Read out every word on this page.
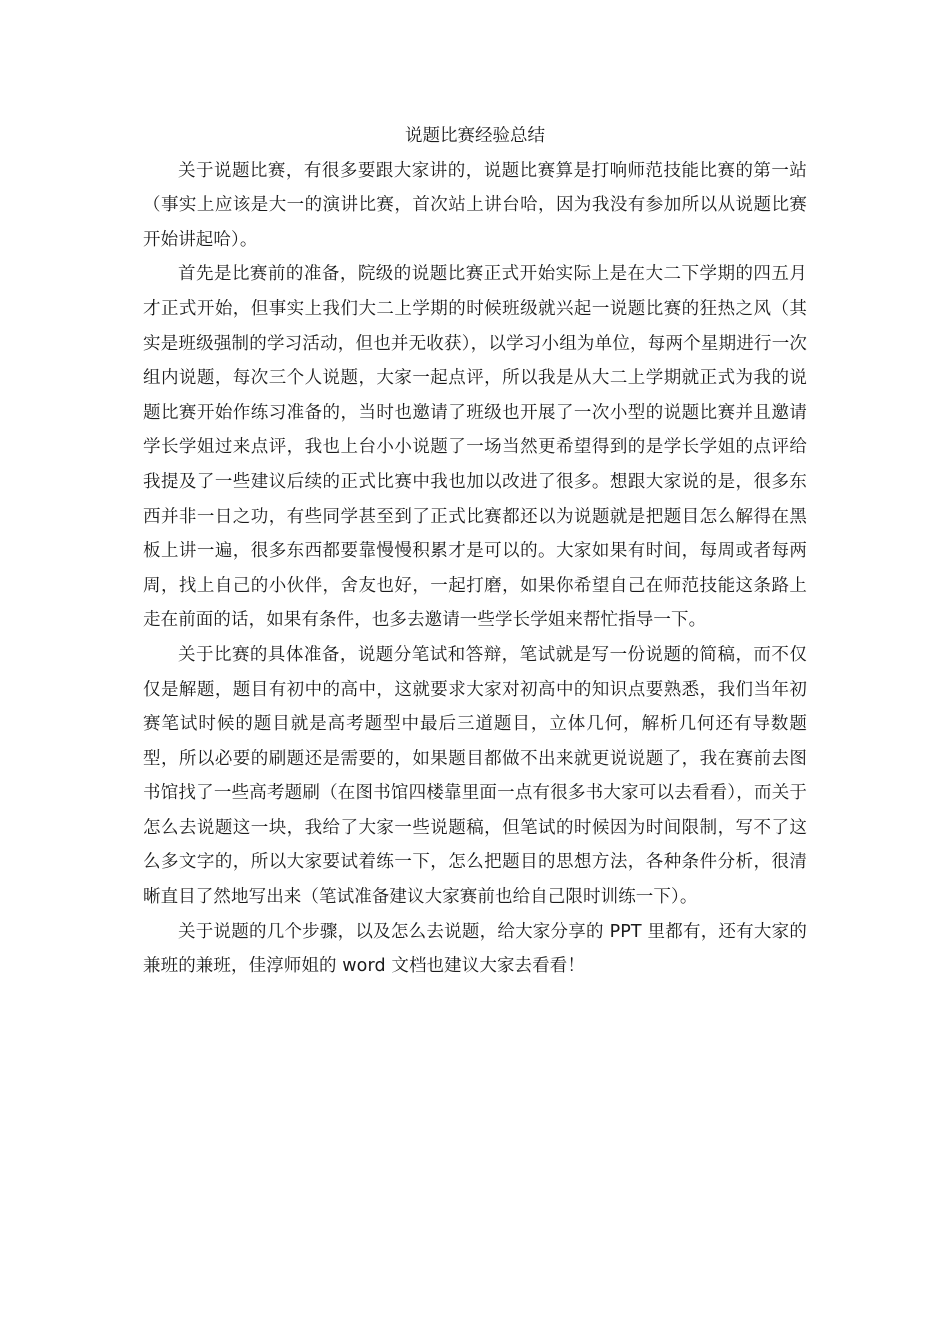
说题比赛经验总结

关于说题比赛，有很多要跟大家讲的，说题比赛算是打响师范技能比赛的第一站（事实上应该是大一的演讲比赛，首次站上讲台哈，因为我没有参加所以从说题比赛开始讲起哈）。

首先是比赛前的准备，院级的说题比赛正式开始实际上是在大二下学期的四五月才正式开始，但事实上我们大二上学期的时候班级就兴起一说题比赛的狂热之风（其实是班级强制的学习活动，但也并无收获），以学习小组为单位，每两个星期进行一次组内说题，每次三个人说题，大家一起点评，所以我是从大二上学期就正式为我的说题比赛开始作练习准备的，当时也邀请了班级也开展了一次小型的说题比赛并且邀请学长学姐过来点评，我也上台小小说题了一场当然更希望得到的是学长学姐的点评给我提及了一些建议后续的正式比赛中我也加以改进了很多。想跟大家说的是，很多东西并非一日之功，有些同学甚至到了正式比赛都还以为说题就是把题目怎么解得在黑板上讲一遍，很多东西都要靠慢慢积累才是可以的。大家如果有时间，每周或者每两周，找上自己的小伙伴，舍友也好，一起打磨，如果你希望自己在师范技能这条路上走在前面的话，如果有条件，也多去邀请一些学长学姐来帮忙指导一下。

关于比赛的具体准备，说题分笔试和答辩，笔试就是写一份说题的简稿，而不仅仅是解题，题目有初中的高中，这就要求大家对初高中的知识点要熟悉，我们当年初赛笔试时候的题目就是高考题型中最后三道题目，立体几何，解析几何还有导数题型，所以必要的刷题还是需要的，如果题目都做不出来就更说说题了，我在赛前去图书馆找了一些高考题刷（在图书馆四楼靠里面一点有很多书大家可以去看看），而关于怎么去说题这一块，我给了大家一些说题稿，但笔试的时候因为时间限制，写不了这么多文字的，所以大家要试着练一下，怎么把题目的思想方法，各种条件分析，很清晰直目了然地写出来（笔试准备建议大家赛前也给自己限时训练一下）。

关于说题的几个步骤，以及怎么去说题，给大家分享的 PPT 里都有，还有大家的兼班的兼班，佳淳师姐的 word 文档也建议大家去看看！
